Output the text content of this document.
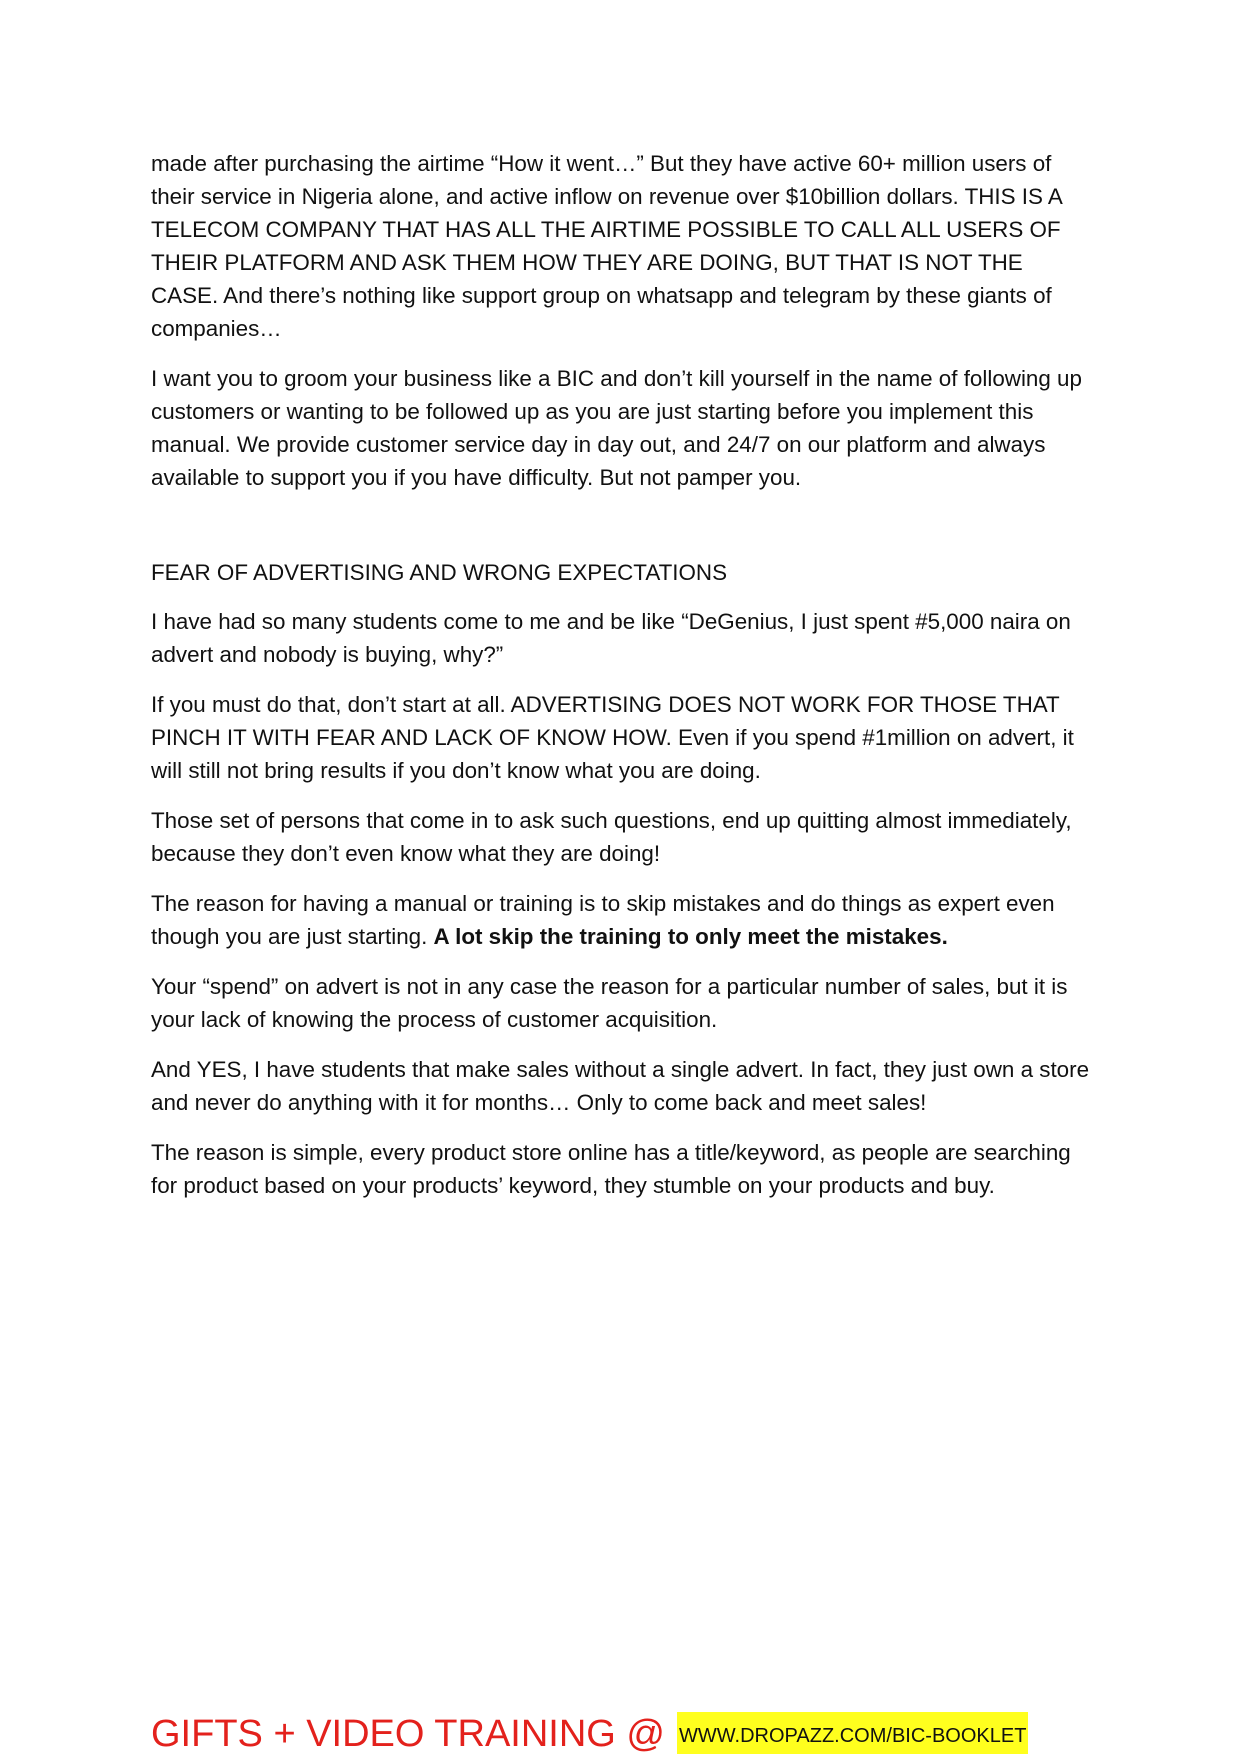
made after purchasing the airtime “How it went…” But they have active 60+ million users of their service in Nigeria alone, and active inflow on revenue over $10billion dollars. THIS IS A TELECOM COMPANY THAT HAS ALL THE AIRTIME POSSIBLE TO CALL ALL USERS OF THEIR PLATFORM AND ASK THEM HOW THEY ARE DOING, BUT THAT IS NOT THE CASE. And there’s nothing like support group on whatsapp and telegram by these giants of companies…

I want you to groom your business like a BIC and don’t kill yourself in the name of following up customers or wanting to be followed up as you are just starting before you implement this manual. We provide customer service day in day out, and 24/7 on our platform and always available to support you if you have difficulty. But not pamper you.

FEAR OF ADVERTISING AND WRONG EXPECTATIONS

I have had so many students come to me and be like “DeGenius, I just spent #5,000 naira on advert and nobody is buying, why?”

If you must do that, don’t start at all. ADVERTISING DOES NOT WORK FOR THOSE THAT PINCH IT WITH FEAR AND LACK OF KNOW HOW. Even if you spend #1million on advert, it will still not bring results if you don’t know what you are doing.

Those set of persons that come in to ask such questions, end up quitting almost immediately, because they don’t even know what they are doing!

The reason for having a manual or training is to skip mistakes and do things as expert even though you are just starting. A lot skip the training to only meet the mistakes.

Your “spend” on advert is not in any case the reason for a particular number of sales, but it is your lack of knowing the process of customer acquisition.

And YES, I have students that make sales without a single advert. In fact, they just own a store and never do anything with it for months… Only to come back and meet sales!

The reason is simple, every product store online has a title/keyword, as people are searching for product based on your products’ keyword, they stumble on your products and buy.

GIFTS + VIDEO TRAINING @ WWW.DROPAZZ.COM/BIC-BOOKLET
